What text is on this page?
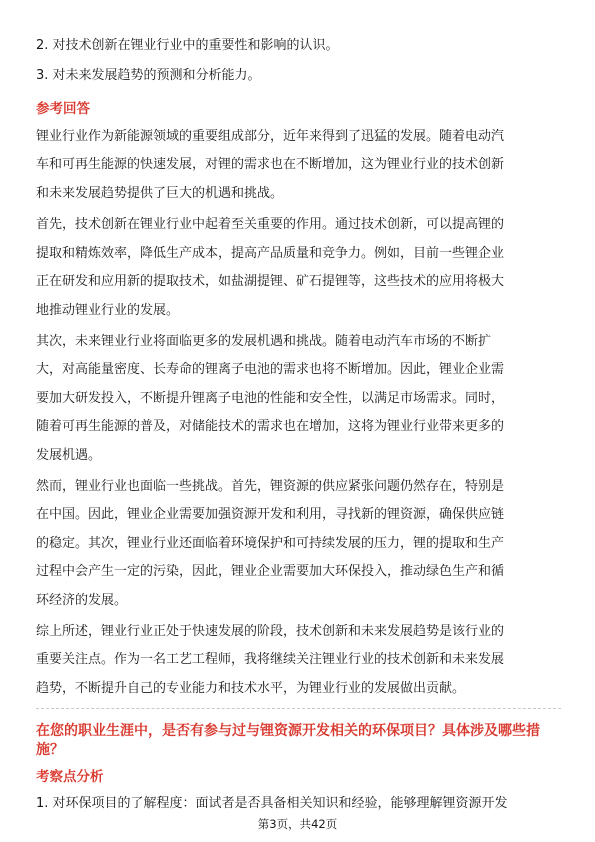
2. 对技术创新在锂业行业中的重要性和影响的认识。
3. 对未来发展趋势的预测和分析能力。
参考回答
锂业行业作为新能源领域的重要组成部分，近年来得到了迅猛的发展。随着电动汽
车和可再生能源的快速发展，对锂的需求也在不断增加，这为锂业行业的技术创新
和未来发展趋势提供了巨大的机遇和挑战。
首先，技术创新在锂业行业中起着至关重要的作用。通过技术创新，可以提高锂的
提取和精炼效率，降低生产成本，提高产品质量和竞争力。例如，目前一些锂企业
正在研发和应用新的提取技术，如盐湖提锂、矿石提锂等，这些技术的应用将极大
地推动锂业行业的发展。
其次，未来锂业行业将面临更多的发展机遇和挑战。随着电动汽车市场的不断扩
大，对高能量密度、长寿命的锂离子电池的需求也将不断增加。因此，锂业企业需
要加大研发投入，不断提升锂离子电池的性能和安全性，以满足市场需求。同时，
随着可再生能源的普及，对储能技术的需求也在增加，这将为锂业行业带来更多的
发展机遇。
然而，锂业行业也面临一些挑战。首先，锂资源的供应紧张问题仍然存在，特别是
在中国。因此，锂业企业需要加强资源开发和利用，寻找新的锂资源，确保供应链
的稳定。其次，锂业行业还面临着环境保护和可持续发展的压力，锂的提取和生产
过程中会产生一定的污染，因此，锂业企业需要加大环保投入，推动绿色生产和循
环经济的发展。
综上所述，锂业行业正处于快速发展的阶段，技术创新和未来发展趋势是该行业的
重要关注点。作为一名工艺工程师，我将继续关注锂业行业的技术创新和未来发展
趋势，不断提升自己的专业能力和技术水平，为锂业行业的发展做出贡献。
在您的职业生涯中，是否有参与过与锂资源开发相关的环保项目？具体涉及哪些措
施？
考察点分析
1. 对环保项目的了解程度：面试者是否具备相关知识和经验，能够理解锂资源开发
第3页，共42页
